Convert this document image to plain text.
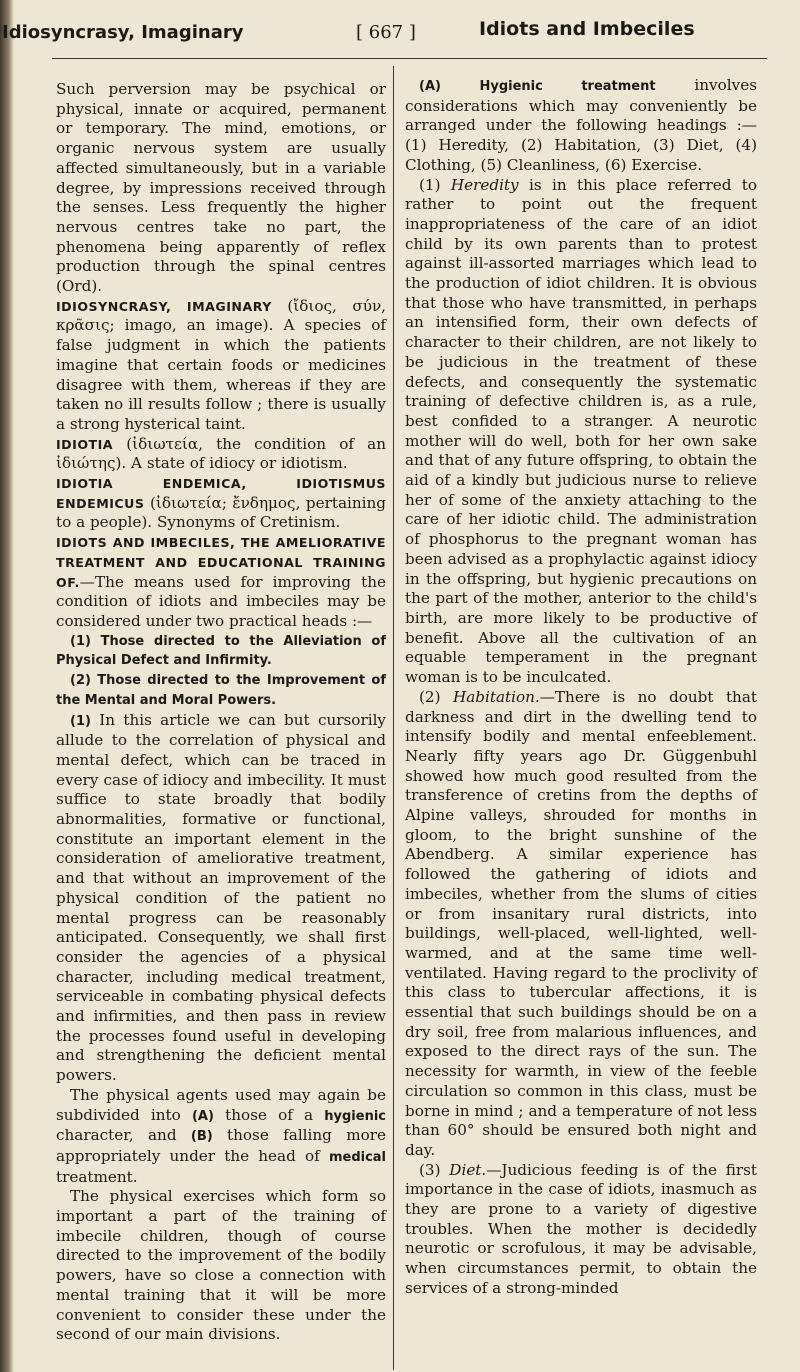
Idiosyncrasy, Imaginary	[ 667 ]	Idiots and Imbeciles

Such perversion may be psychical or physical, innate or acquired, permanent or temporary. The mind, emotions, or organic nervous system are usually affected simultaneously, but in a variable degree, by impressions received through the senses. Less frequently the higher nervous centres take no part, the phenomena being apparently of reflex production through the spinal centres (Ord).

IDIOSYNCRASY, IMAGINARY (ἴδιος, σύν, κρᾶσις; imago, an image). A species of false judgment in which the patients imagine that certain foods or medicines disagree with them, whereas if they are taken no ill results follow ; there is usually a strong hysterical taint.

IDIOTIA (ἰδιωτεία, the condition of an ἰδιώτης). A state of idiocy or idiotism.

IDIOTIA ENDEMICA, IDIOTISMUS ENDEMICUS (ἰδιωτεία; ἔνδημος, pertaining to a people). Synonyms of Cretinism.

IDIOTS AND IMBECILES, THE AMELIORATIVE TREATMENT AND EDUCATIONAL TRAINING OF.—The means used for improving the condition of idiots and imbeciles may be considered under two practical heads :—

(1) Those directed to the Alleviation of Physical Defect and Infirmity.

(2) Those directed to the Improvement of the Mental and Moral Powers.

(1) In this article we can but cursorily allude to the correlation of physical and mental defect, which can be traced in every case of idiocy and imbecility. It must suffice to state broadly that bodily abnormalities, formative or functional, constitute an important element in the consideration of ameliorative treatment, and that without an improvement of the physical condition of the patient no mental progress can be reasonably anticipated. Consequently, we shall first consider the agencies of a physical character, including medical treatment, serviceable in combating physical defects and infirmities, and then pass in review the processes found useful in developing and strengthening the deficient mental powers.

The physical agents used may again be subdivided into (A) those of a hygienic character, and (B) those falling more appropriately under the head of medical treatment.

The physical exercises which form so important a part of the training of imbecile children, though of course directed to the improvement of the bodily powers, have so close a connection with mental training that it will be more convenient to consider these under the second of our main divisions.

(A) Hygienic treatment	involves considerations which may conveniently be arranged under the following headings :— (1) Heredity, (2) Habitation, (3) Diet, (4) Clothing, (5) Cleanliness, (6) Exercise.

(1) Heredity is in this place referred to rather to point out the frequent inappropriateness of the care of an idiot child by its own parents than to protest against ill-assorted marriages which lead to the production of idiot children. It is obvious that those who have transmitted, in perhaps an intensified form, their own defects of character to their children, are not likely to be judicious in the treatment of these defects, and consequently the systematic training of defective children is, as a rule, best confided to a stranger. A neurotic mother will do well, both for her own sake and that of any future offspring, to obtain the aid of a kindly but judicious nurse to relieve her of some of the anxiety attaching to the care of her idiotic child. The administration of phosphorus to the pregnant woman has been advised as a prophylactic against idiocy in the offspring, but hygienic precautions on the part of the mother, anterior to the child's birth, are more likely to be productive of benefit. Above all the cultivation of an equable temperament in the pregnant woman is to be inculcated.

(2) Habitation.—There is no doubt that darkness and dirt in the dwelling tend to intensify bodily and mental enfeeblement. Nearly fifty years ago Dr. Güggenbuhl showed how much good resulted from the transference of cretins from the depths of Alpine valleys, shrouded for months in gloom, to the bright sunshine of the Abendberg. A similar experience has followed the gathering of idiots and imbeciles, whether from the slums of cities or from insanitary rural districts, into buildings, well-placed, well-lighted, well-warmed, and at the same time well-ventilated. Having regard to the proclivity of this class to tubercular affections, it is essential that such buildings should be on a dry soil, free from malarious influences, and exposed to the direct rays of the sun. The necessity for warmth, in view of the feeble circulation so common in this class, must be borne in mind ; and a temperature of not less than 60° should be ensured both night and day.

(3) Diet.—Judicious feeding is of the first importance in the case of idiots, inasmuch as they are prone to a variety of digestive troubles. When the mother is decidedly neurotic or scrofulous, it may be advisable, when circumstances permit, to obtain the services of a strong-minded
